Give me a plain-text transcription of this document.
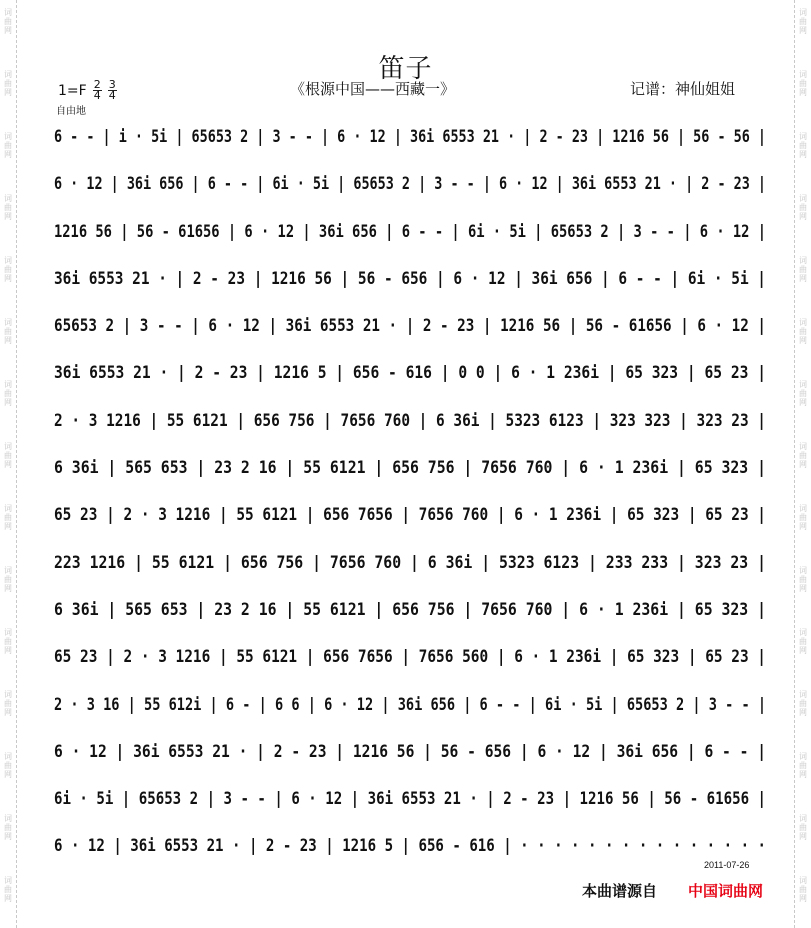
词
曲
网
词
曲
网
词
曲
网
词
曲
网
词
曲
网
词
曲
网
词
曲
网
词
曲
网
词
曲
网
词
曲
网
词
曲
网
词
曲
网
词
曲
网
词
曲
网
词
曲
网
词
曲
网
词
曲
网
词
曲
网
词
曲
网
词
曲
网
词
曲
网
词
曲
网
词
曲
网
词
曲
网
词
曲
网
词
曲
网
词
曲
网
词
曲
网
词
曲
网
词
曲
网
笛子
$1=F \frac{2}{4} \frac{3}{4}$
自由地
《根源中国——西藏一》	记谱：神仙姐姐
6 - - | i · 5i | 65653 2 | 3 - - | 6 · 12 | 36i 6553 21 · | 2 - 23 | 1216 56 | 56 - 56 |
6 · 12 | 36i 656 | 6 - - | 6i · 5i | 65653 2 | 3 - - | 6 · 12 | 36i 6553 21 · | 2 - 23 |
1216 56 | 56 - 61656 | 6 · 12 | 36i 656 | 6 - - | 6i · 5i | 65653 2 | 3 - - | 6 · 12 |
36i 6553 21 · | 2 - 23 | 1216 56 | 56 - 656 | 6 · 12 | 36i 656 | 6 - - | 6i · 5i |
65653 2 | 3 - - | 6 · 12 | 36i 6553 21 · | 2 - 23 | 1216 56 | 56 - 61656 | 6 · 12 |
36i 6553 21 · | 2 - 23 | 1216 5 | 656 - 616 | 0 0 | 6 · 1 236i | 65 323 | 65 23 |
2 · 3 1216 | 55 6121 | 656 756 | 7656 760 | 6 36i | 5323 6123 | 323 323 | 323 23 |
6 36i | 565 653 | 23 2 16 | 55 6121 | 656 756 | 7656 760 | 6 · 1 236i | 65 323 |
65 23 | 2 · 3 1216 | 55 6121 | 656 7656 | 7656 760 | 6 · 1 236i | 65 323 | 65 23 |
223 1216 | 55 6121 | 656 756 | 7656 760 | 6 36i | 5323 6123 | 233 233 | 323 23 |
6 36i | 565 653 | 23 2 16 | 55 6121 | 656 756 | 7656 760 | 6 · 1 236i | 65 323 |
65 23 | 2 · 3 1216 | 55 6121 | 656 7656 | 7656 560 | 6 · 1 236i | 65 323 | 65 23 |
2 · 3 16 | 55 612i | 6 - | 6 6 | 6 · 12 | 36i 656 | 6 - - | 6i · 5i | 65653 2 | 3 - - |
6 · 12 | 36i 6553 21 · | 2 - 23 | 1216 56 | 56 - 656 | 6 · 12 | 36i 656 | 6 - - |
6i · 5i | 65653 2 | 3 - - | 6 · 12 | 36i 6553 21 · | 2 - 23 | 1216 56 | 56 - 61656 |
6 · 12 | 36i 6553 21 · | 2 - 23 | 1216 5 | 656 - 616 | · · · · · · · · · · · · · · ·
2011-07-26
本曲谱源自 中国词曲网
